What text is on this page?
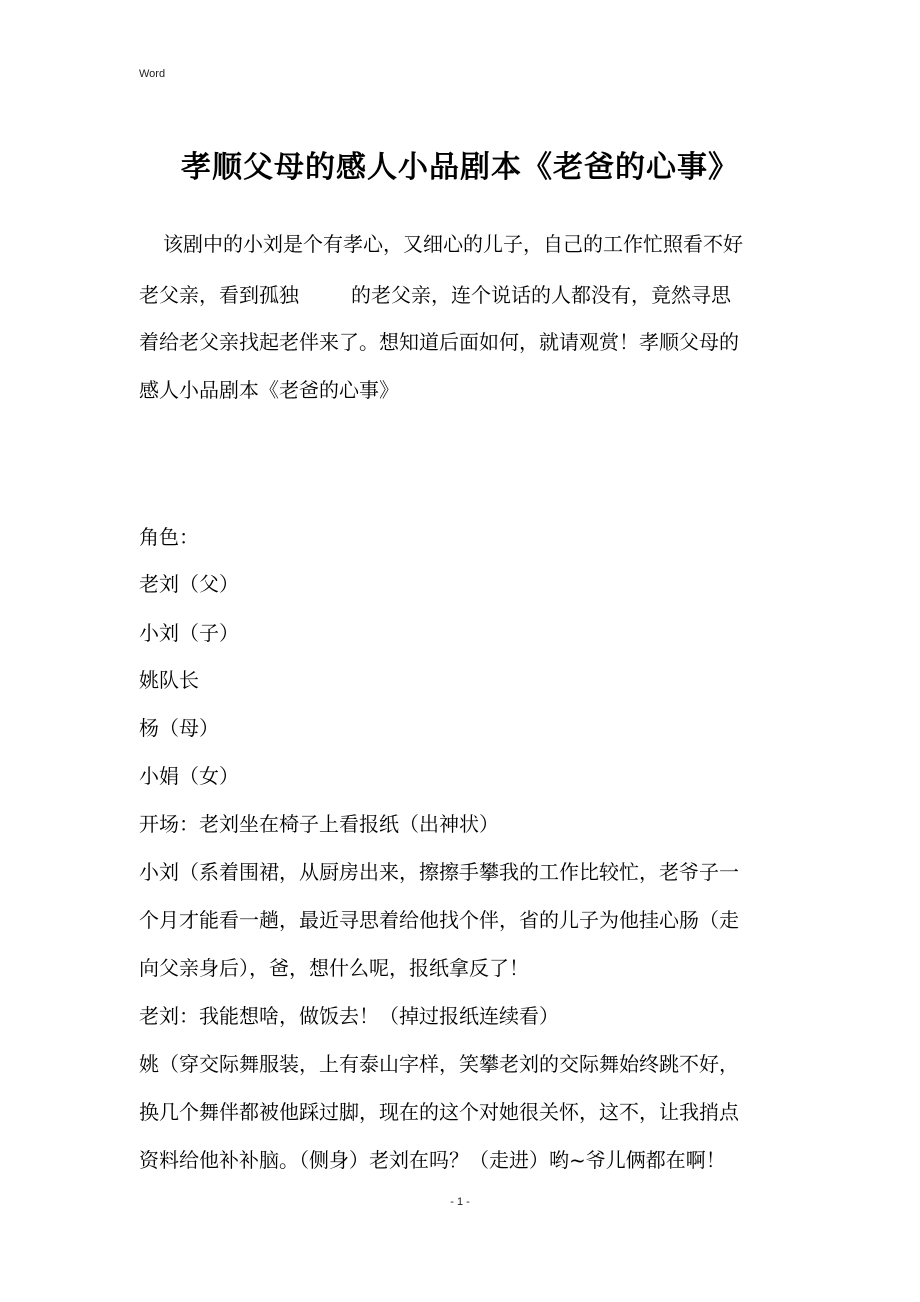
Word
孝顺父母的感人小品剧本《老爸的心事》
该剧中的小刘是个有孝心，又细心的儿子，自己的工作忙照看不好
老父亲，看到孤独	的老父亲，连个说话的人都没有，竟然寻思
着给老父亲找起老伴来了。想知道后面如何，就请观赏！孝顺父母的
感人小品剧本《老爸的心事》
角色：
老刘（父）
小刘（子）
姚队长
杨（母）
小娟（女）
开场：老刘坐在椅子上看报纸（出神状）
小刘（系着围裙，从厨房出来，擦擦手攀我的工作比较忙，老爷子一
个月才能看一趟，最近寻思着给他找个伴，省的儿子为他挂心肠（走
向父亲身后），爸，想什么呢，报纸拿反了！
老刘：我能想啥，做饭去！（掉过报纸连续看）
姚（穿交际舞服装，上有泰山字样，笑攀老刘的交际舞始终跳不好，
换几个舞伴都被他踩过脚，现在的这个对她很关怀，这不，让我捎点
资料给他补补脑。（侧身）老刘在吗？（走进）哟~爷儿俩都在啊！
- 1 -
